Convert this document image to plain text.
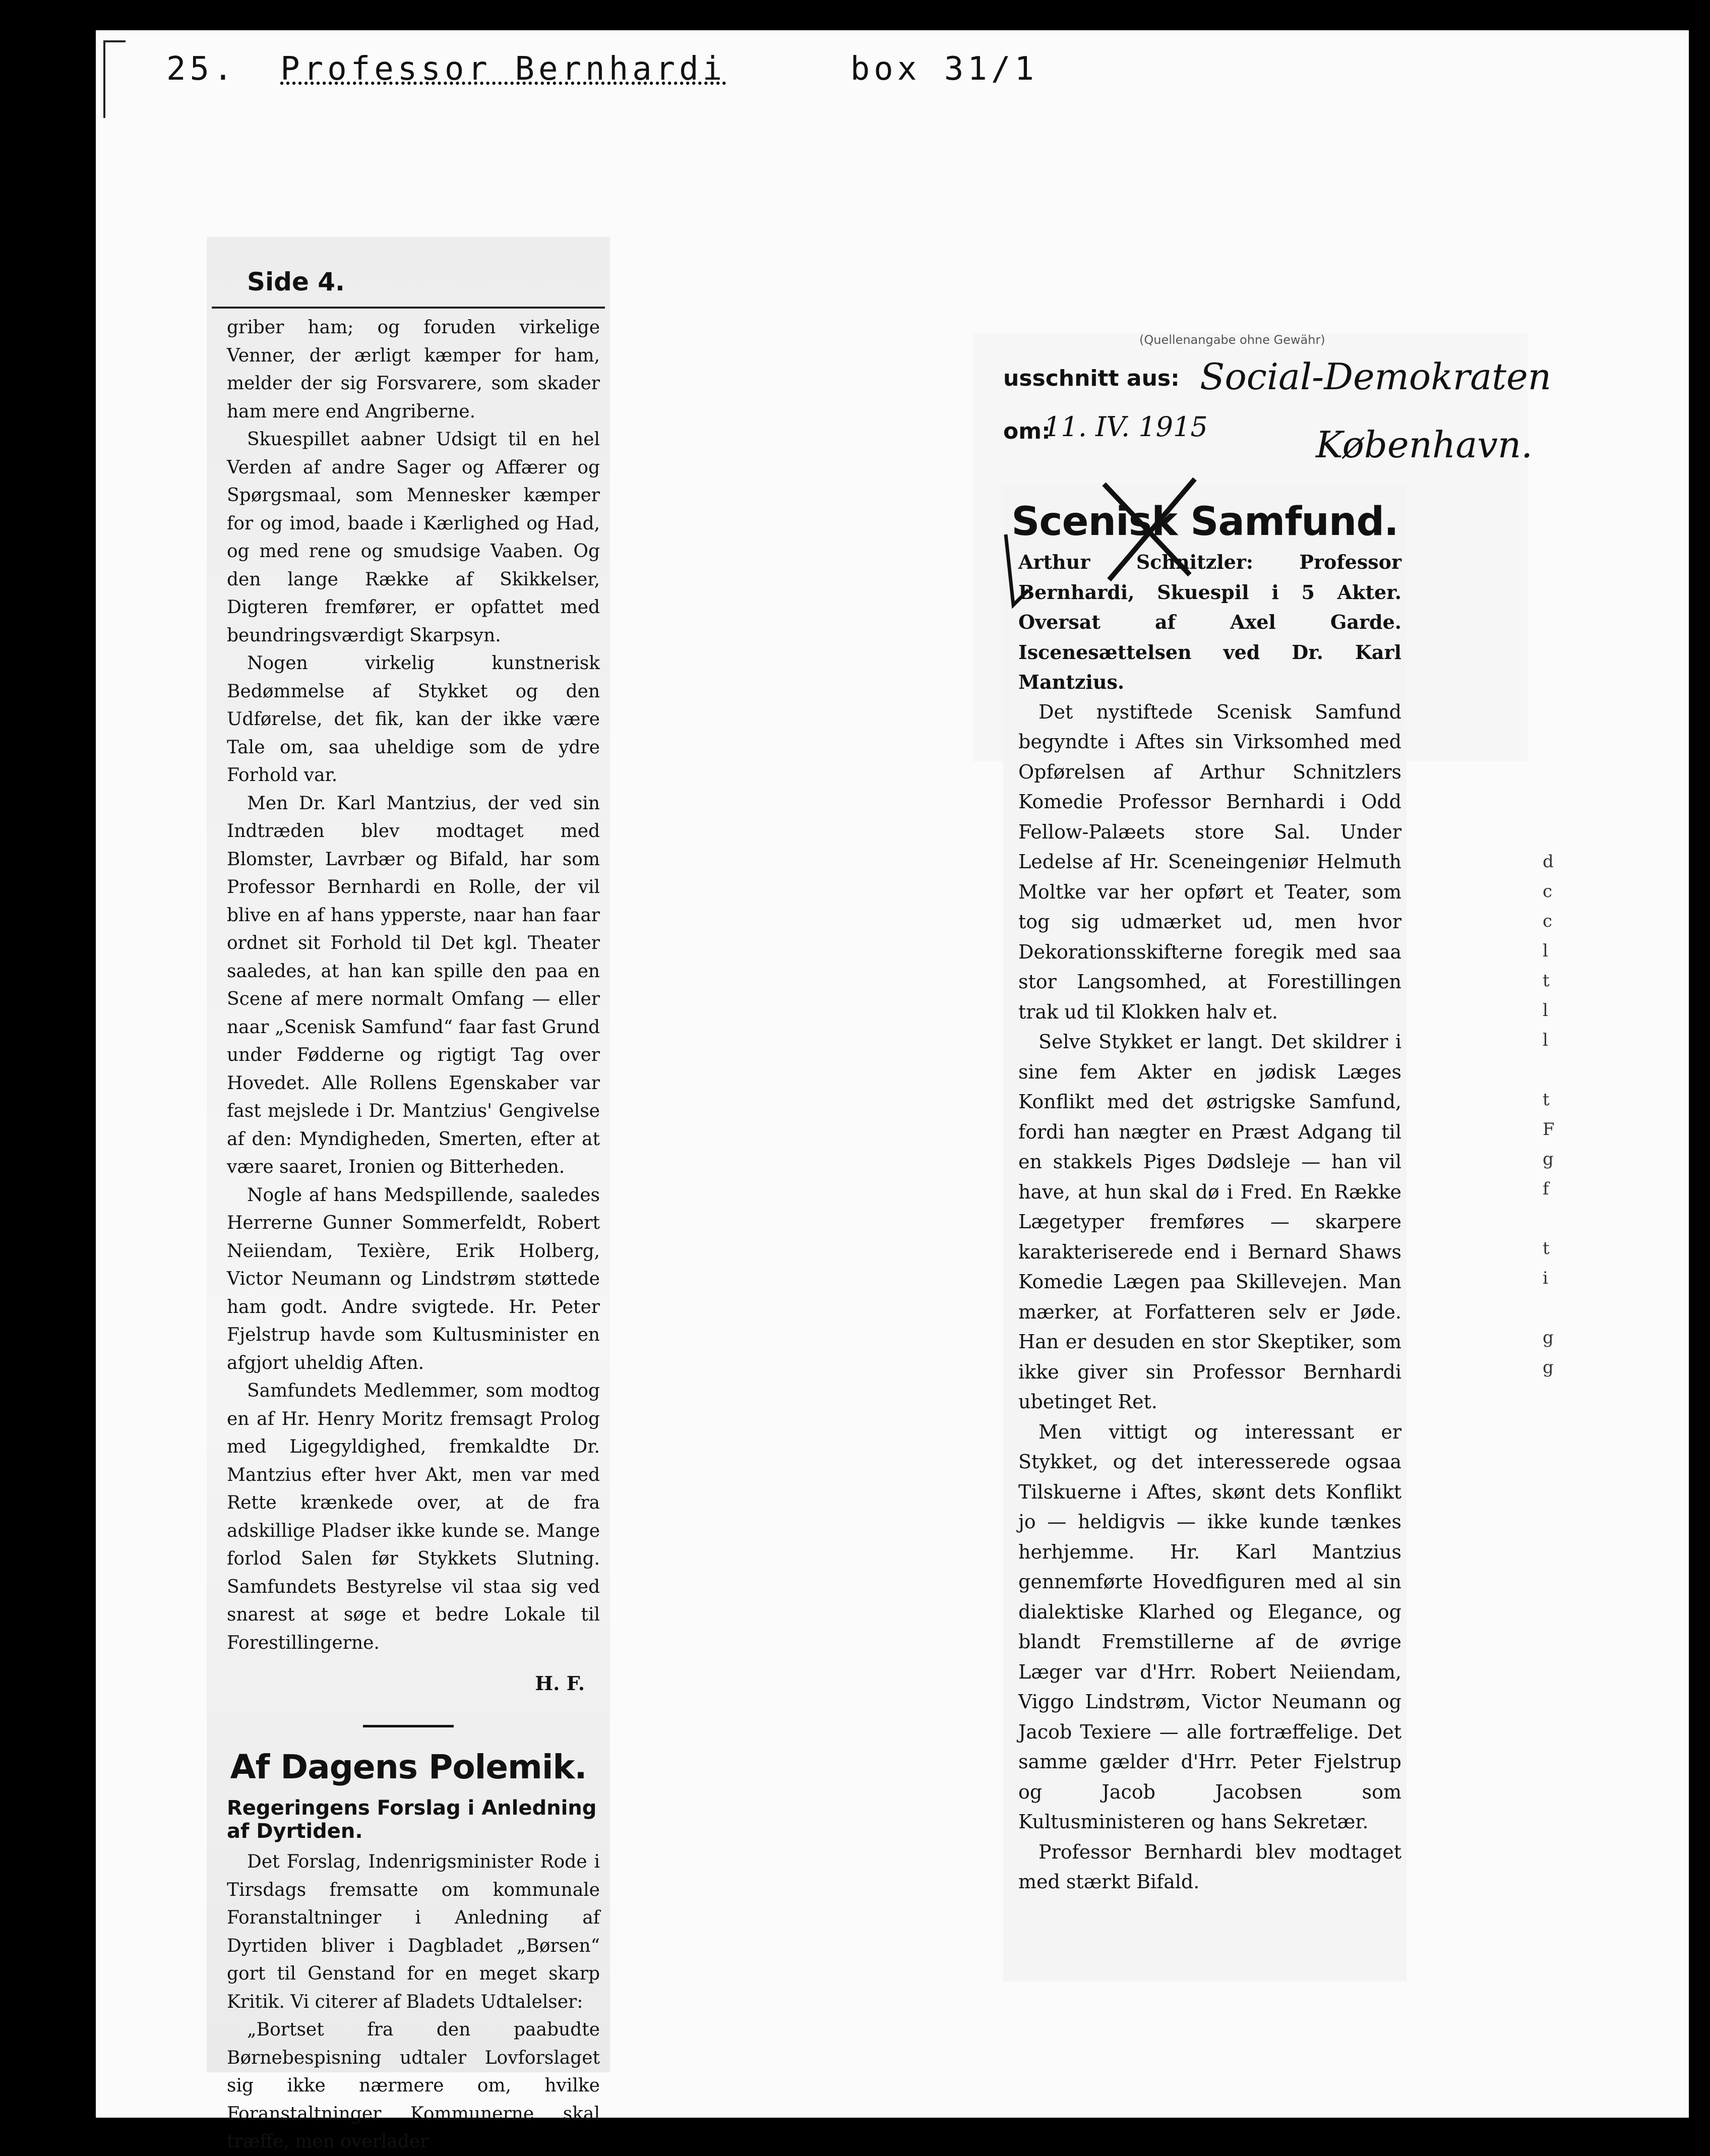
25. Professor Bernhardi	box 31/1
Side 4.

griber ham; og foruden virkelige Venner, der ærligt kæmper for ham, melder der sig Forsvarere, som skader ham mere end Angriberne.

Skuespillet aabner Udsigt til en hel Verden af andre Sager og Affærer og Spørgsmaal, som Mennesker kæmper for og imod, baade i Kærlighed og Had, og med rene og smudsige Vaaben. Og den lange Række af Skikkelser, Digteren fremfører, er opfattet med beundringsværdigt Skarpsyn.

Nogen virkelig kunstnerisk Bedømmelse af Stykket og den Udførelse, det fik, kan der ikke være Tale om, saa uheldige som de ydre Forhold var.

Men Dr. Karl Mantzius, der ved sin Indtræden blev modtaget med Blomster, Lavrbær og Bifald, har som Professor Bernhardi en Rolle, der vil blive en af hans ypperste, naar han faar ordnet sit Forhold til Det kgl. Theater saaledes, at han kan spille den paa en Scene af mere normalt Omfang — eller naar „Scenisk Samfund“ faar fast Grund under Fødderne og rigtigt Tag over Hovedet. Alle Rollens Egenskaber var fast mejslede i Dr. Mantzius' Gengivelse af den: Myndigheden, Smerten, efter at være saaret, Ironien og Bitterheden.

Nogle af hans Medspillende, saaledes Herrerne Gunner Sommerfeldt, Robert Neiiendam, Texière, Erik Holberg, Victor Neumann og Lindstrøm støttede ham godt. Andre svigtede. Hr. Peter Fjelstrup havde som Kultusminister en afgjort uheldig Aften.

Samfundets Medlemmer, som modtog en af Hr. Henry Moritz fremsagt Prolog med Ligegyldighed, fremkaldte Dr. Mantzius efter hver Akt, men var med Rette krænkede over, at de fra adskillige Pladser ikke kunde se. Mange forlod Salen før Stykkets Slutning. Samfundets Bestyrelse vil staa sig ved snarest at søge et bedre Lokale til Forestillingerne.

H. F.
Af Dagens Polemik.
Regeringens Forslag i Anledning af Dyrtiden.

Det Forslag, Indenrigsminister Rode i Tirsdags fremsatte om kommunale Foranstaltninger i Anledning af Dyrtiden bliver i Dagbladet „Børsen“ gort til Genstand for en meget skarp Kritik. Vi citerer af Bladets Udtalelser:

„Bortset fra den paabudte Børnebespisning udtaler Lovforslaget sig ikke nærmere om, hvilke Foranstaltninger Kommunerne skal træffe, men overlader

(Quellenangabe ohne Gewähr)
usschnitt aus: Social-Demokraten
om:
11. IV. 1915	København.
Scenisk Samfund.

Arthur Schnitzler: Professor Bernhardi, Skuespil i 5 Akter. Oversat af Axel Garde. Iscenesættelsen ved Dr. Karl Mantzius.

Det nystiftede Scenisk Samfund begyndte i Aftes sin Virksomhed med Opførelsen af Arthur Schnitzlers Komedie Professor Bernhardi i Odd Fellow-Palæets store Sal. Under Ledelse af Hr. Sceneingeniør Helmuth Moltke var her opført et Teater, som tog sig udmærket ud, men hvor Dekorationsskifterne foregik med saa stor Langsomhed, at Forestillingen trak ud til Klokken halv et.

Selve Stykket er langt. Det skildrer i sine fem Akter en jødisk Læges Konflikt med det østrigske Samfund, fordi han nægter en Præst Adgang til en stakkels Piges Dødsleje — han vil have, at hun skal dø i Fred. En Række Lægetyper fremføres — skarpere karakteriserede end i Bernard Shaws Komedie Lægen paa Skillevejen. Man mærker, at Forfatteren selv er Jøde. Han er desuden en stor Skeptiker, som ikke giver sin Professor Bernhardi ubetinget Ret.

Men vittigt og interessant er Stykket, og det interesserede ogsaa Tilskuerne i Aftes, skønt dets Konflikt jo — heldigvis — ikke kunde tænkes herhjemme. Hr. Karl Mantzius gennemførte Hovedfiguren med al sin dialektiske Klarhed og Elegance, og blandt Fremstillerne af de øvrige Læger var d'Hrr. Robert Neiiendam, Viggo Lindstrøm, Victor Neumann og Jacob Texiere — alle fortræffelige. Det samme gælder d'Hrr. Peter Fjelstrup og Jacob Jacobsen som Kultusministeren og hans Sekretær.

Professor Bernhardi blev modtaget med stærkt Bifald.

d
c
c
l
t
l
l

t
F
g
f

t
i

g
g
